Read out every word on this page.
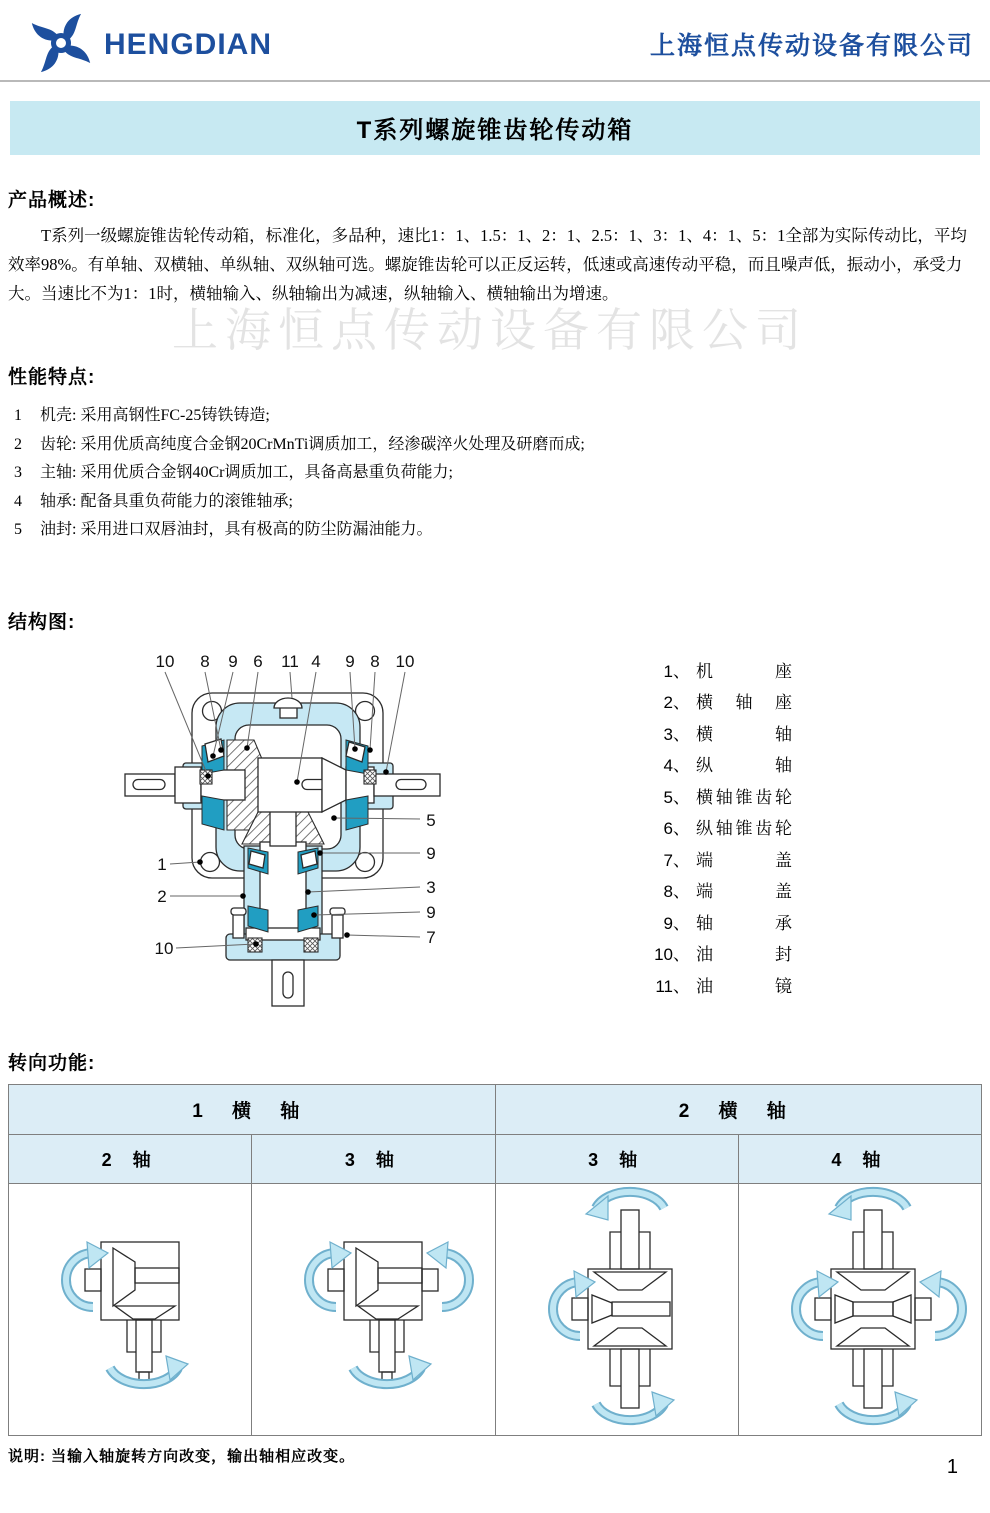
HENGDIAN	上海恒点传动设备有限公司
T系列螺旋锥齿轮传动箱
上海恒点传动设备有限公司
产品概述:
T系列一级螺旋锥齿轮传动箱，标准化，多品种，速比1：1、1.5：1、2：1、2.5：1、3：1、4：1、5：1全部为实际传动比，平均效率98%。有单轴、双横轴、单纵轴、双纵轴可选。螺旋锥齿轮可以正反运转，低速或高速传动平稳，而且噪声低，振动小，承受力大。当速比不为1：1时，横轴输入、纵轴输出为减速，纵轴输入、横轴输出为增速。
性能特点:
1 机壳: 采用高钢性FC-25铸铁铸造;
2 齿轮: 采用优质高纯度合金钢20CrMnTi调质加工，经渗碳淬火处理及研磨而成;
3 主轴: 采用优质合金钢40Cr调质加工，具备高悬重负荷能力;
4 轴承: 配备具重负荷能力的滚锥轴承;
5 油封: 采用进口双唇油封，具有极高的防尘防漏油能力。
结构图:
10 8 9 6 11 4 9 8 10
1
2
10
5
9
3
9
7
1、 机座
2、 横轴座
3、 横轴
4、 纵轴
5、 横轴锥齿轮
6、 纵轴锥齿轮
7、 端盖
8、 端盖
9、 轴承
10、 油封
11、 油镜
转向功能:
1 横 轴		2 横 轴	
2 轴	3 轴	3 轴	4 轴

说明: 当输入轴旋转方向改变，输出轴相应改变。	1
